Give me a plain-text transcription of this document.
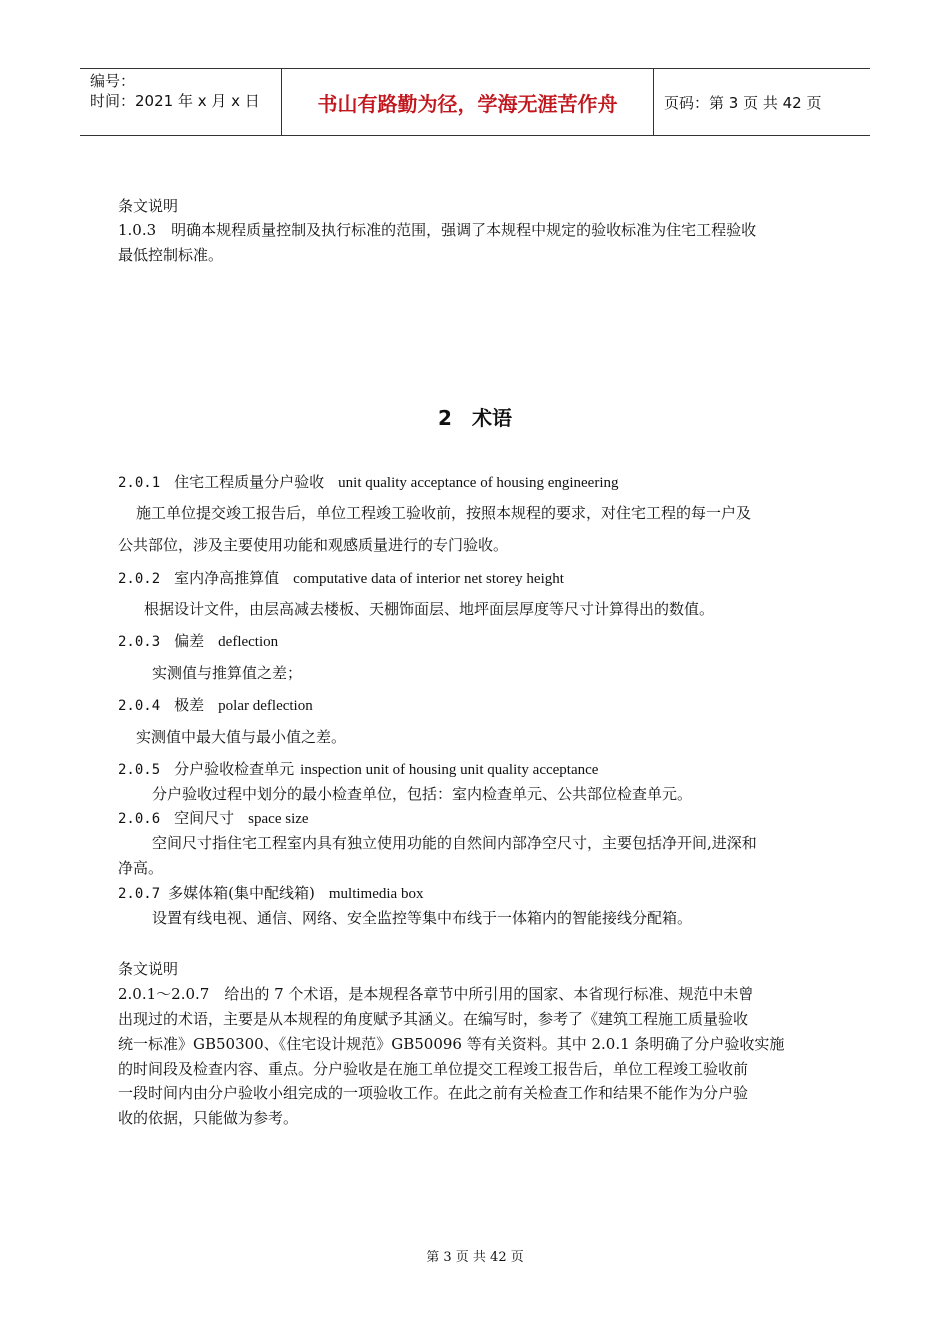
编号：
时间：2021 年 x 月 x 日	书山有路勤为径，学海无涯苦作舟	页码：第 3 页 共 42 页
条文说明
1.0.3　明确本规程质量控制及执行标准的范围，强调了本规程中规定的验收标准为住宅工程验收
最低控制标准。
2　术语
2.0.1 住宅工程质量分户验收 unit quality acceptance of housing engineering
施工单位提交竣工报告后，单位工程竣工验收前，按照本规程的要求，对住宅工程的每一户及
公共部位，涉及主要使用功能和观感质量进行的专门验收。
2.0.2 室内净高推算值 computative data of interior net storey height
根据设计文件，由层高减去楼板、天棚饰面层、地坪面层厚度等尺寸计算得出的数值。
2.0.3 偏差 deflection
实测值与推算值之差；
2.0.4 极差 polar deflection
实测值中最大值与最小值之差。
2.0.5 分户验收检查单元 inspection unit of housing unit quality acceptance
分户验收过程中划分的最小检查单位，包括：室内检查单元、公共部位检查单元。
2.0.6 空间尺寸 space size
空间尺寸指住宅工程室内具有独立使用功能的自然间内部净空尺寸，主要包括净开间,进深和
净高。
2.0.7 多媒体箱(集中配线箱) multimedia box
设置有线电视、通信、网络、安全监控等集中布线于一体箱内的智能接线分配箱。
条文说明
2.0.1～2.0.7　给出的 7 个术语，是本规程各章节中所引用的国家、本省现行标准、规范中未曾
出现过的术语，主要是从本规程的角度赋予其涵义。在编写时，参考了《建筑工程施工质量验收
统一标准》GB50300、《住宅设计规范》GB50096 等有关资料。其中 2.0.1 条明确了分户验收实施
的时间段及检查内容、重点。分户验收是在施工单位提交工程竣工报告后，单位工程竣工验收前
一段时间内由分户验收小组完成的一项验收工作。在此之前有关检查工作和结果不能作为分户验
收的依据，只能做为参考。
第 3 页 共 42 页
